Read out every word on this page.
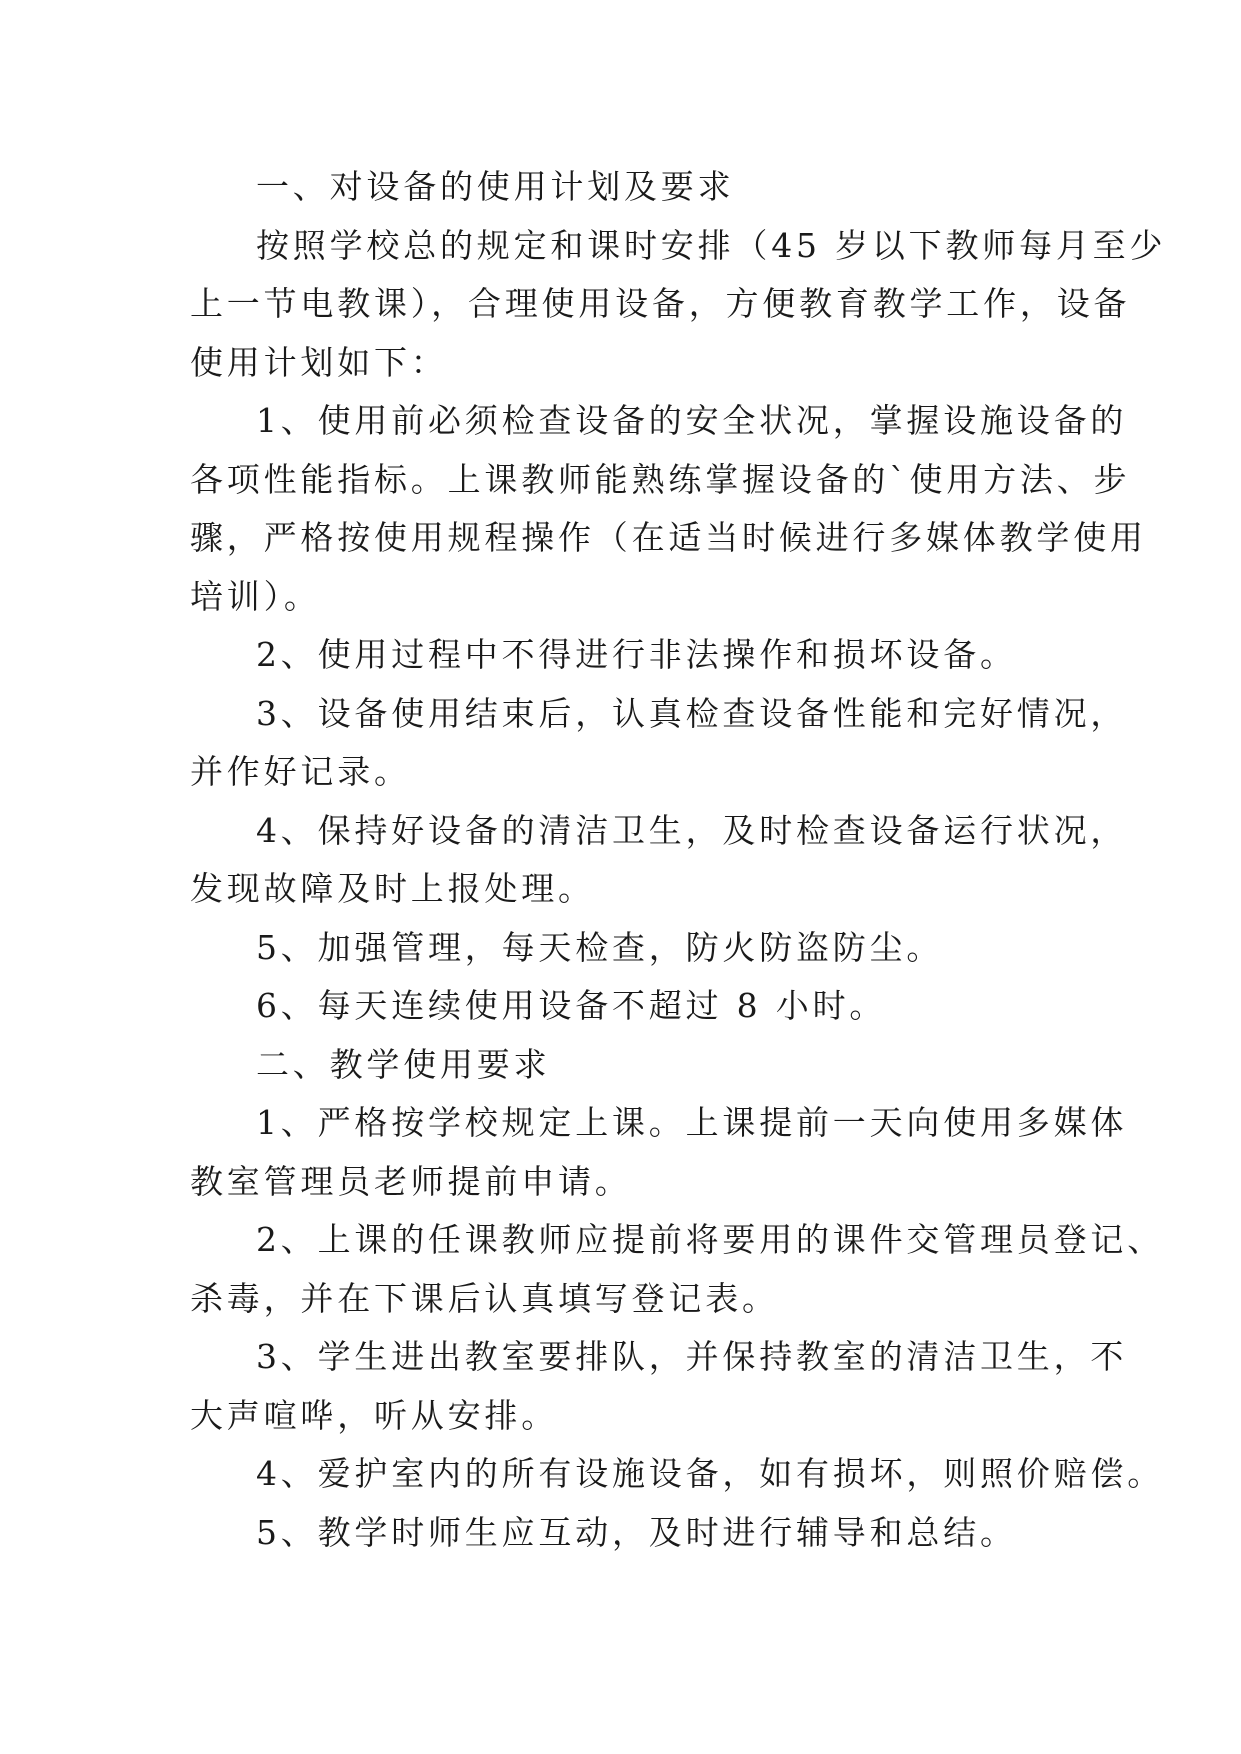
一、对设备的使用计划及要求
按照学校总的规定和课时安排（45 岁以下教师每月至少
上一节电教课），合理使用设备，方便教育教学工作，设备
使用计划如下：
1、使用前必须检查设备的安全状况，掌握设施设备的
各项性能指标。上课教师能熟练掌握设备的`使用方法、步
骤，严格按使用规程操作（在适当时候进行多媒体教学使用
培训）。
2、使用过程中不得进行非法操作和损坏设备。
3、设备使用结束后，认真检查设备性能和完好情况，
并作好记录。
4、保持好设备的清洁卫生，及时检查设备运行状况，
发现故障及时上报处理。
5、加强管理，每天检查，防火防盗防尘。
6、每天连续使用设备不超过 8 小时。
二、教学使用要求
1、严格按学校规定上课。上课提前一天向使用多媒体
教室管理员老师提前申请。
2、上课的任课教师应提前将要用的课件交管理员登记、
杀毒，并在下课后认真填写登记表。
3、学生进出教室要排队，并保持教室的清洁卫生，不
大声喧哗，听从安排。
4、爱护室内的所有设施设备，如有损坏，则照价赔偿。
5、教学时师生应互动，及时进行辅导和总结。
